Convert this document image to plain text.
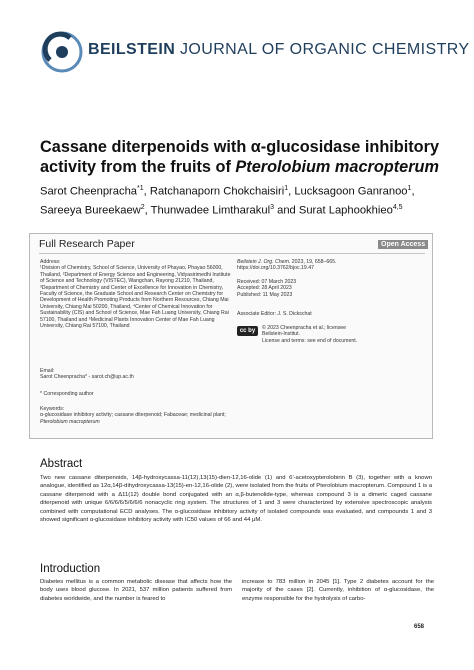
BEILSTEIN JOURNAL OF ORGANIC CHEMISTRY
Cassane diterpenoids with α-glucosidase inhibitory activity from the fruits of Pterolobium macropterum
Sarot Cheenpracha$^{*1}$, Ratchanaporn Chokchaisiri$^1$, Lucksagoon Ganranoo$^1$,
Sareeya Bureekaew$^2$, Thunwadee Limtharakul$^3$ and Surat Laphookhieo$^{4,5}$
Full Research Paper	Open Access
Address:
¹Division of Chemistry, School of Science, University of Phayao, Phayao 56000, Thailand, ²Department of Energy Science and Engineering, Vidyasirimedhi Institute of Science and Technology (VISTEC), Wangchan, Rayong 21210, Thailand, ³Department of Chemistry and Center of Excellence for Innovation in Chemistry, Faculty of Science, the Graduate School and Research Center on Chemistry for Development of Health Promoting Products from Northern Resources, Chiang Mai University, Chiang Mai 50200, Thailand, ⁴Center of Chemical Innovation for Sustainability (CIS) and School of Science, Mae Fah Luang University, Chiang Rai 57100, Thailand and ⁵Medicinal Plants Innovation Center of Mae Fah Luang University, Chiang Rai 57100, Thailand
Email:
Sarot Cheenpracha* - sarot.ch@up.ac.th
* Corresponding author
Keywords:
α-glucosidase inhibitory activity; cassane diterpenoid; Fabaceae; medicinal plant; Pterolobium macropterum
Beilstein J. Org. Chem. 2023, 19, 658–665.
https://doi.org/10.3762/bjoc.19.47
Received: 07 March 2023
Accepted: 28 April 2023
Published: 11 May 2023
Associate Editor: J. S. Dickschat
cc by	© 2023 Cheenpracha et al.; licensee
Beilstein-Institut.
License and terms: see end of document.
Abstract
Two new cassane diterpenoids, 14β-hydroxycassa-11(12),13(15)-dien-12,16-olide (1) and 6′-acetoxypterolobirin B (3), together with a known analogue, identified as 12α,14β-dihydroxycassa-13(15)-en-12,16-olide (2), were isolated from the fruits of Pterolobium macropterum. Compound 1 is a cassane diterpenoid with a Δ11(12) double bond conjugated with an α,β-butenolide-type, whereas compound 3 is a dimeric caged cassane diterpenoid with unique 6/6/6/6/5/6/6/6 nonacyclic ring system. The structures of 1 and 3 were characterized by extensive spectroscopic analysis combined with computational ECD analyses. The α-glucosidase inhibitory activity of isolated compounds was evaluated, and compounds 1 and 3 showed significant α-glucosidase inhibitory activity with IC50 values of 66 and 44 μM.
Introduction
Diabetes mellitus is a common metabolic disease that affects how the body uses blood glucose. In 2021, 537 million patients suffered from diabetes worldwide, and the number is feared to
increase to 783 million in 2045 [1]. Type 2 diabetes account for the majority of the cases [2]. Currently, inhibition of α-glucosidase, the enzyme responsible for the hydrolysis of carbo-
658
